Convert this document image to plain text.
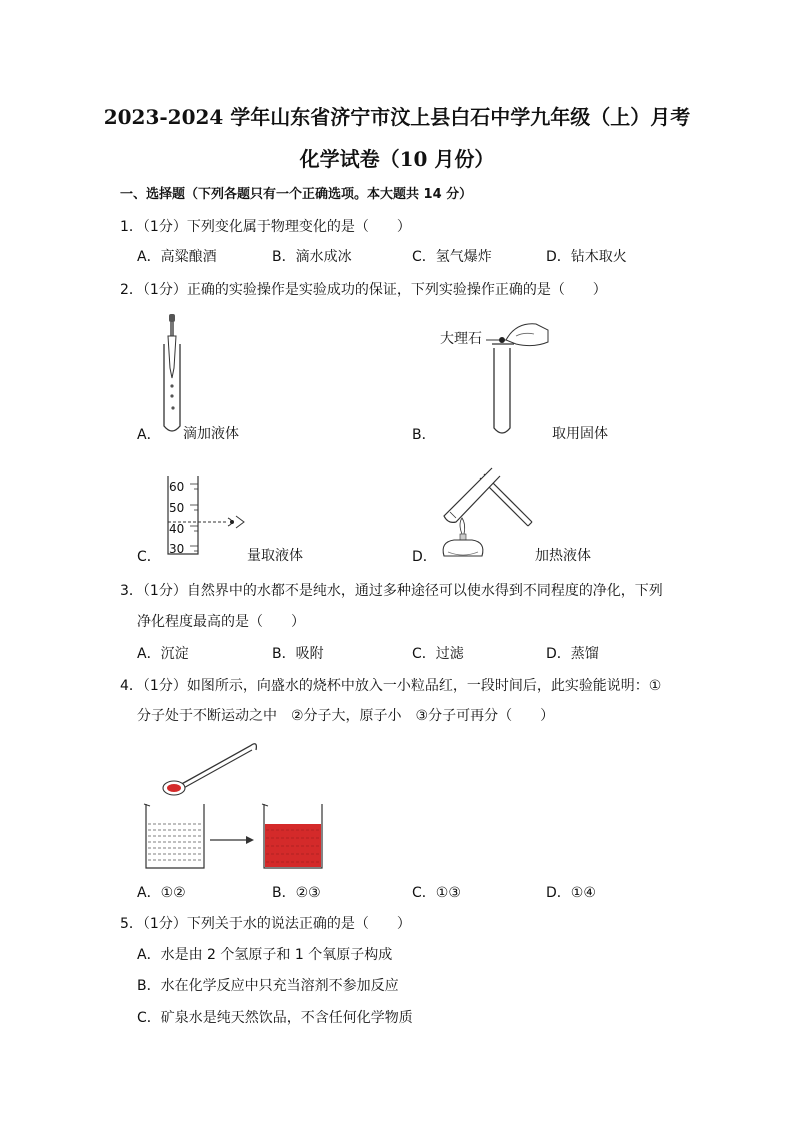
2023-2024 学年山东省济宁市汶上县白石中学九年级（上）月考
化学试卷（10 月份）
一、选择题（下列各题只有一个正确选项。本大题共 14 分）
1．（1分）下列变化属于物理变化的是（　　）
A．高粱酿酒	B．滴水成冰	C．氢气爆炸	D．钻木取火
2．（1分）正确的实验操作是实验成功的保证，下列实验操作正确的是（　　）
A． 滴加液体
大理石
B．	取用固体
60
50
40
30
C．	量取液体	D．	加热液体
3．（1分）自然界中的水都不是纯水，通过多种途径可以使水得到不同程度的净化，下列
净化程度最高的是（　　）
A．沉淀	B．吸附	C．过滤	D．蒸馏
4．（1分）如图所示，向盛水的烧杯中放入一小粒品红，一段时间后，此实验能说明：①
分子处于不断运动之中　②分子大，原子小　③分子可再分（　　）
A．①②	B．②③	C．①③	D．①④
5．（1分）下列关于水的说法正确的是（　　）
A．水是由 2 个氢原子和 1 个氧原子构成
B．水在化学反应中只充当溶剂不参加反应
C．矿泉水是纯天然饮品，不含任何化学物质
